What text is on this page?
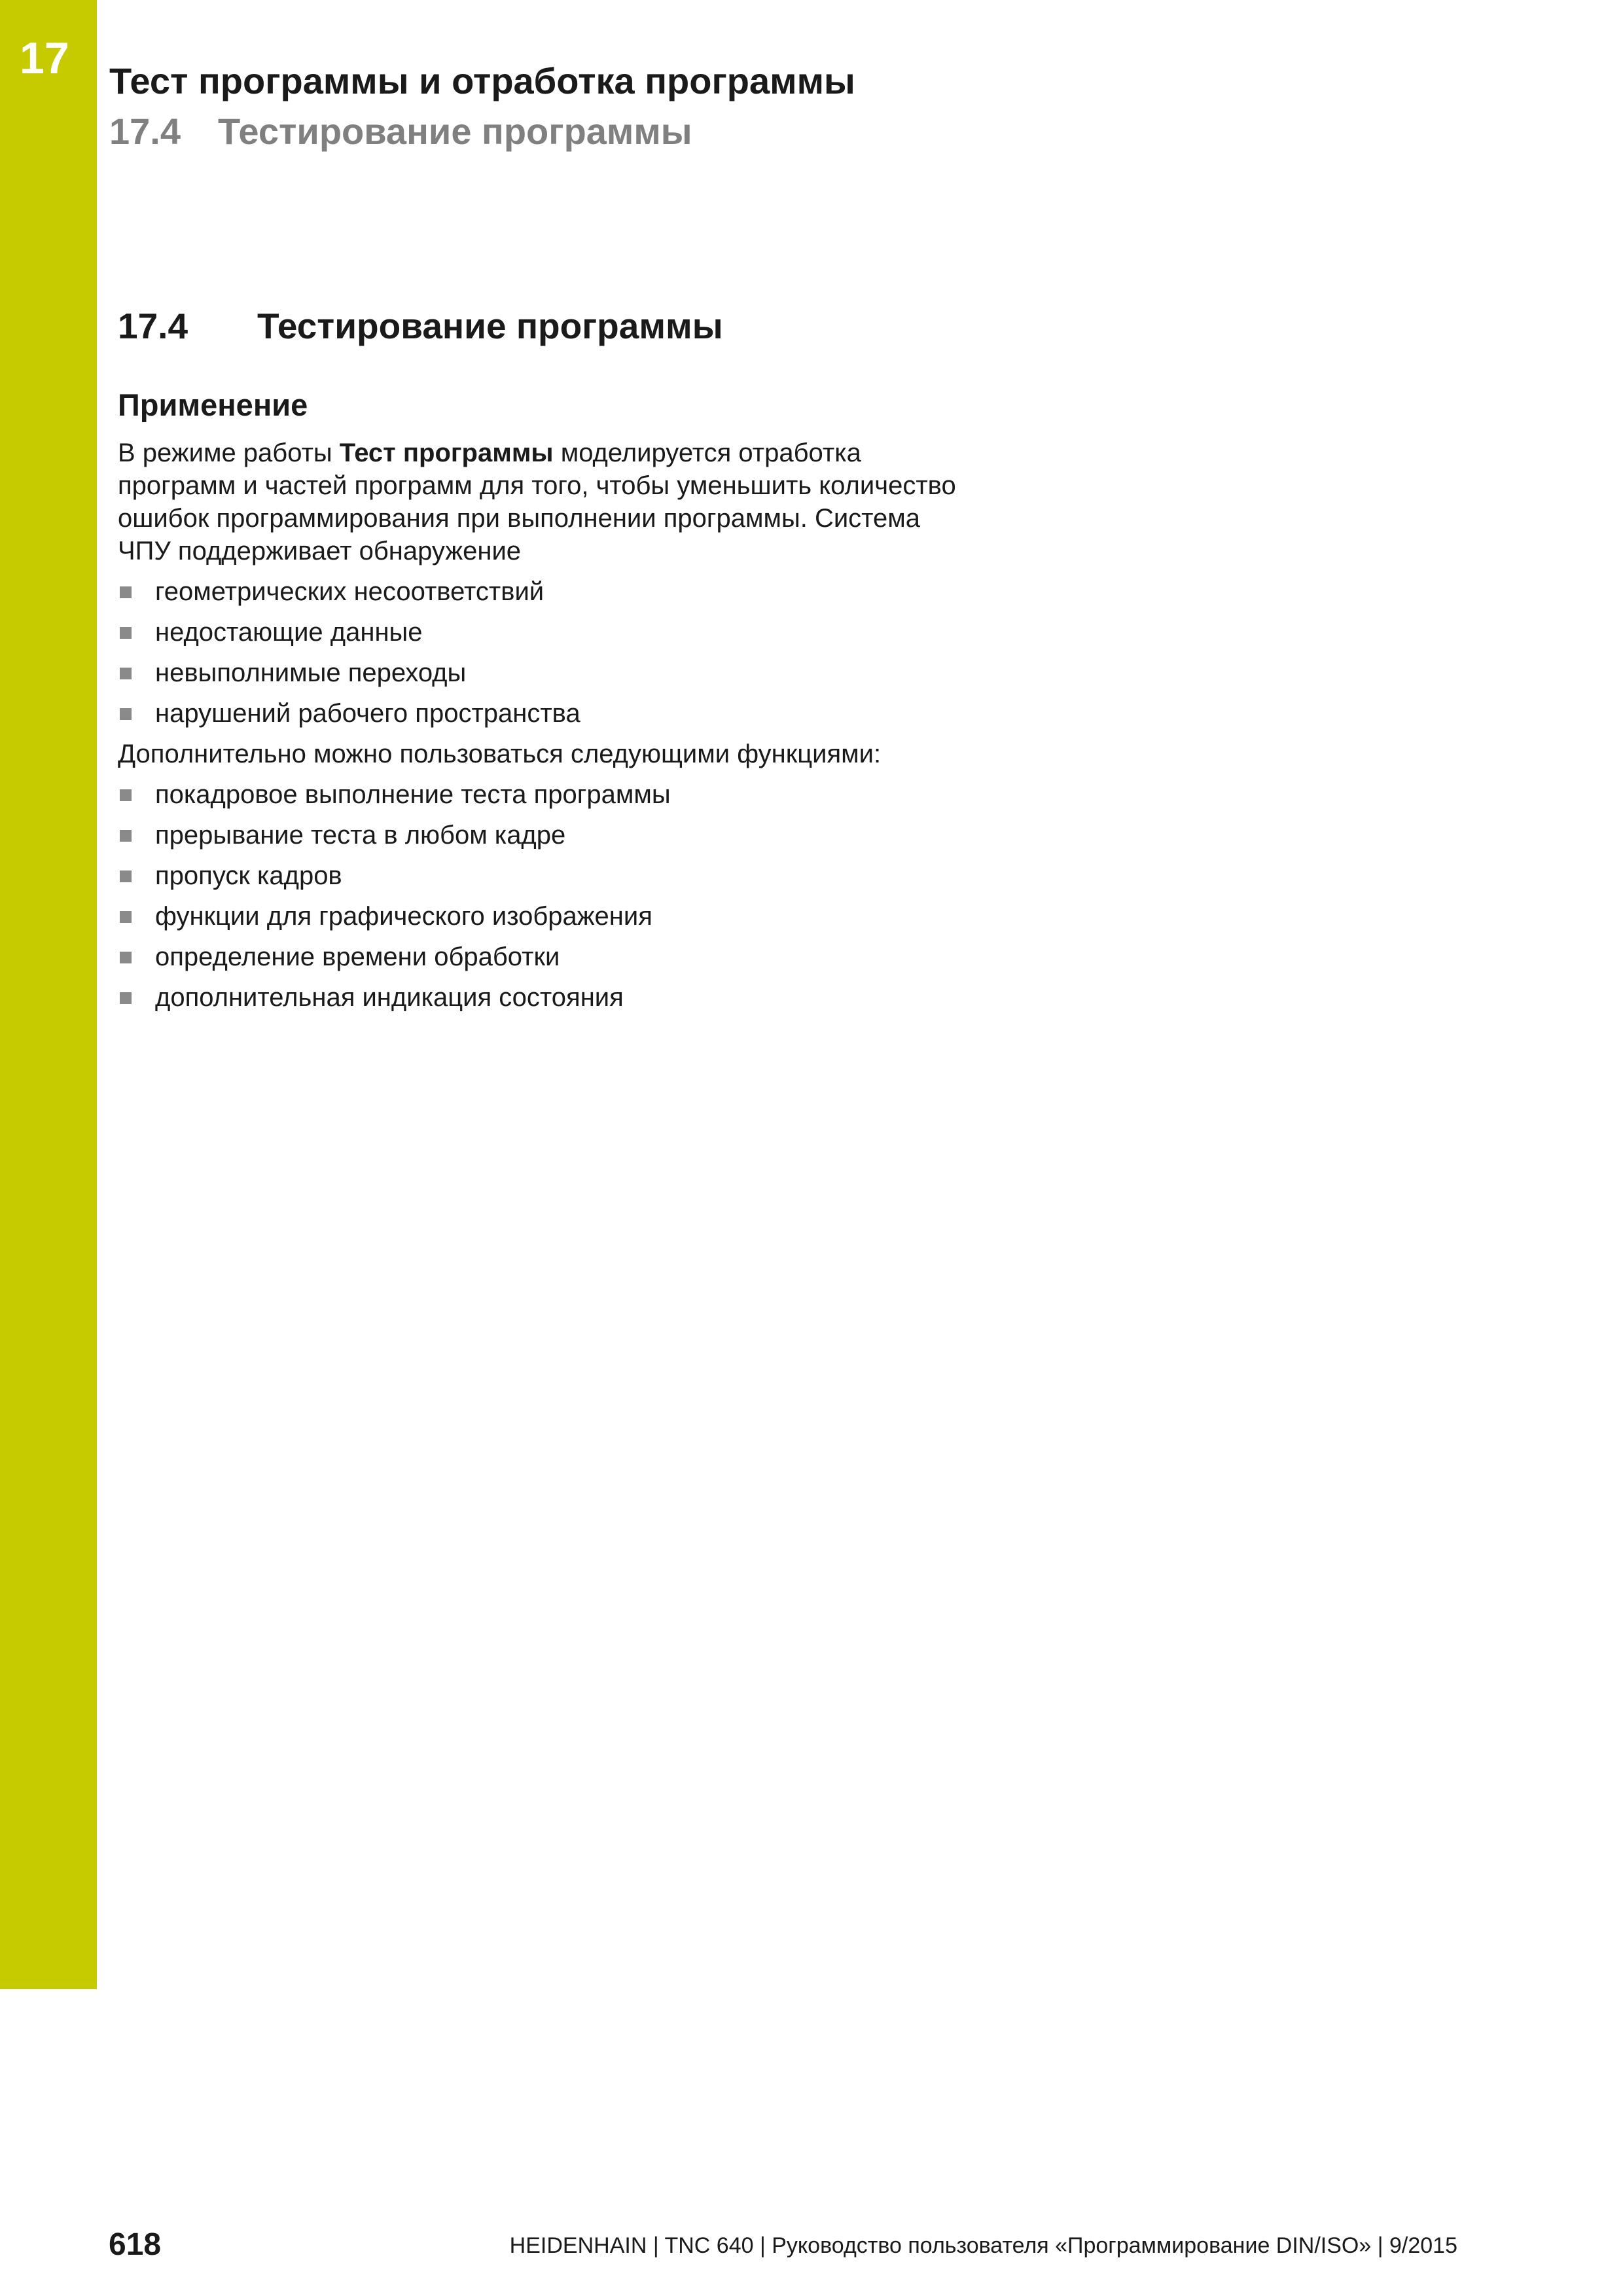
17 Тест программы и отработка программы
17.4 Тестирование программы
17.4 Тестирование программы
Применение

В режиме работы Тест программы моделируется отработка программ и частей программ для того, чтобы уменьшить количество ошибок программирования при выполнении программы. Система ЧПУ поддерживает обнаружение

геометрических несоответствий
недостающие данные
невыполнимые переходы
нарушений рабочего пространства

Дополнительно можно пользоваться следующими функциями:

покадровое выполнение теста программы
прерывание теста в любом кадре
пропуск кадров
функции для графического изображения
определение времени обработки
дополнительная индикация состояния
618	HEIDENHAIN | TNC 640 | Руководство пользователя «Программирование DIN/ISO» | 9/2015
